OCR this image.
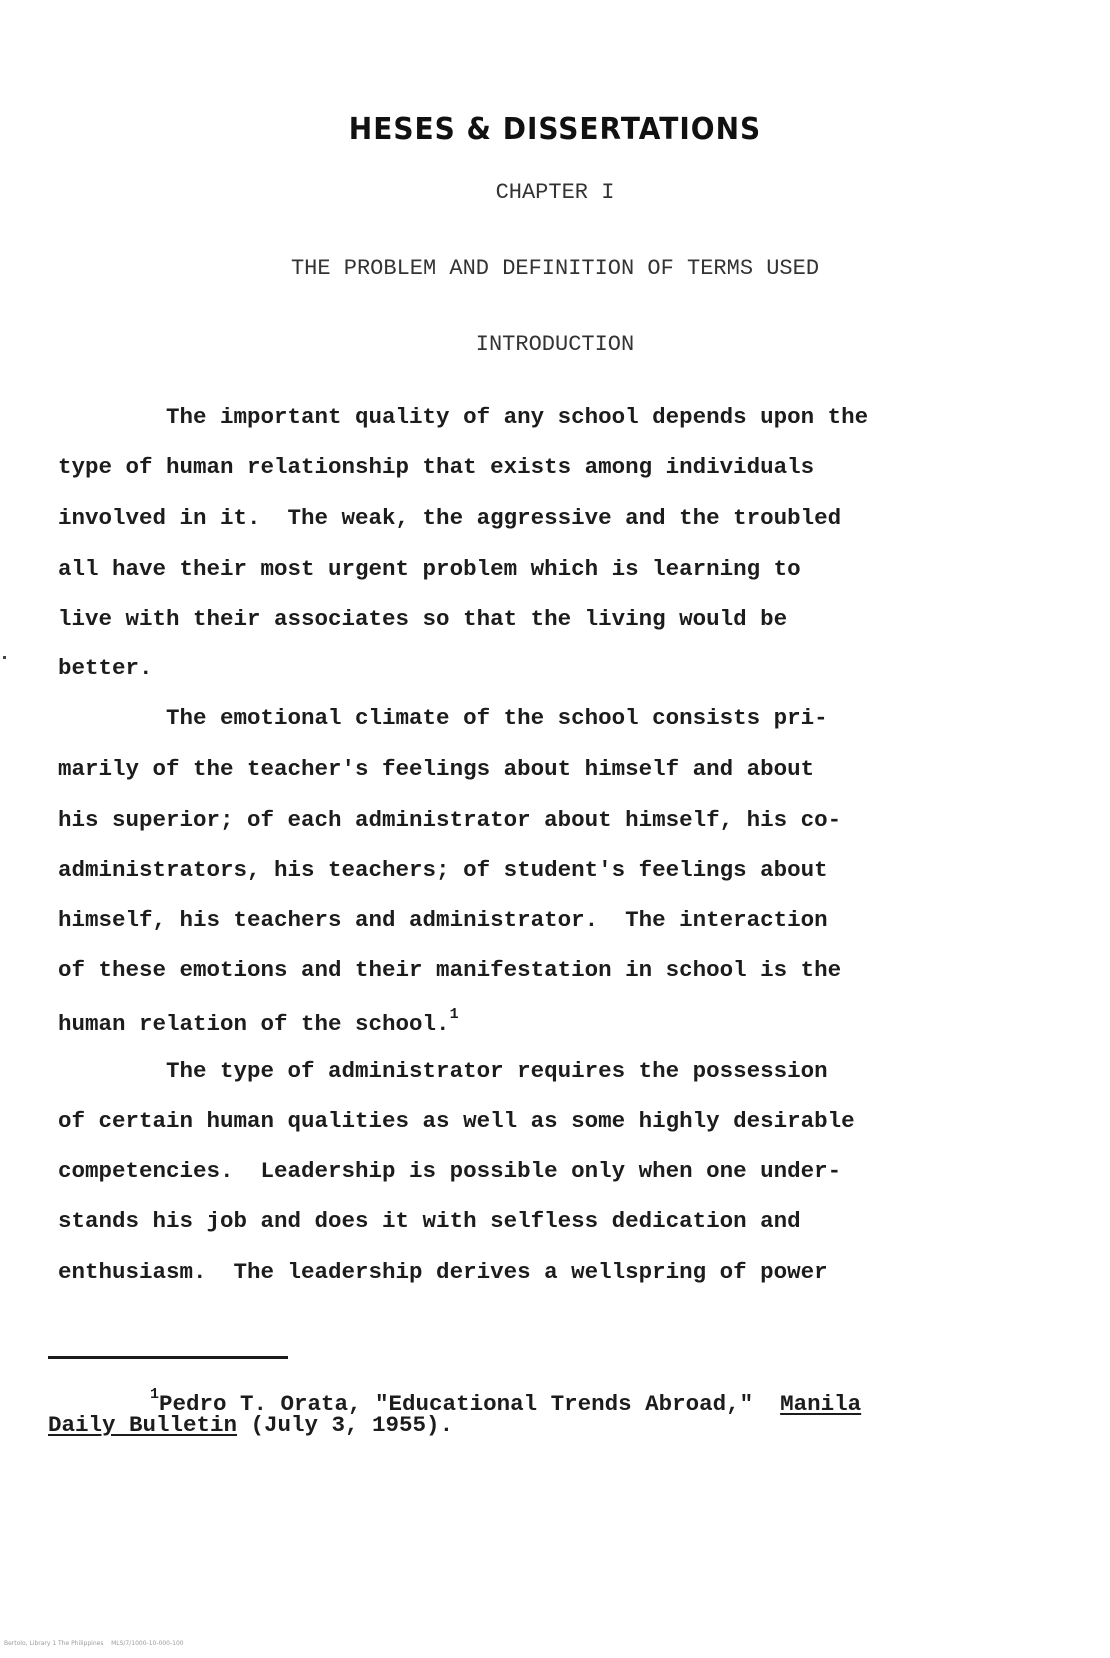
HESES & DISSERTATIONS
CHAPTER I
THE PROBLEM AND DEFINITION OF TERMS USED
INTRODUCTION
The important quality of any school depends upon the
type of human relationship that exists among individuals
involved in it.  The weak, the aggressive and the troubled
all have their most urgent problem which is learning to
live with their associates so that the living would be
better.
The emotional climate of the school consists pri-
marily of the teacher's feelings about himself and about
his superior; of each administrator about himself, his co-
administrators, his teachers; of student's feelings about
himself, his teachers and administrator.  The interaction
of these emotions and their manifestation in school is the
human relation of the school.$^1$
The type of administrator requires the possession
of certain human qualities as well as some highly desirable
competencies.  Leadership is possible only when one under-
stands his job and does it with selfless dedication and
enthusiasm.  The leadership derives a wellspring of power
$^1$Pedro T. Orata, "Educational Trends Abroad,"  Manila
Daily Bulletin (July 3, 1955).
Bertolo, Library 1 The Philippines    MLS/7/1000-10-000-100
